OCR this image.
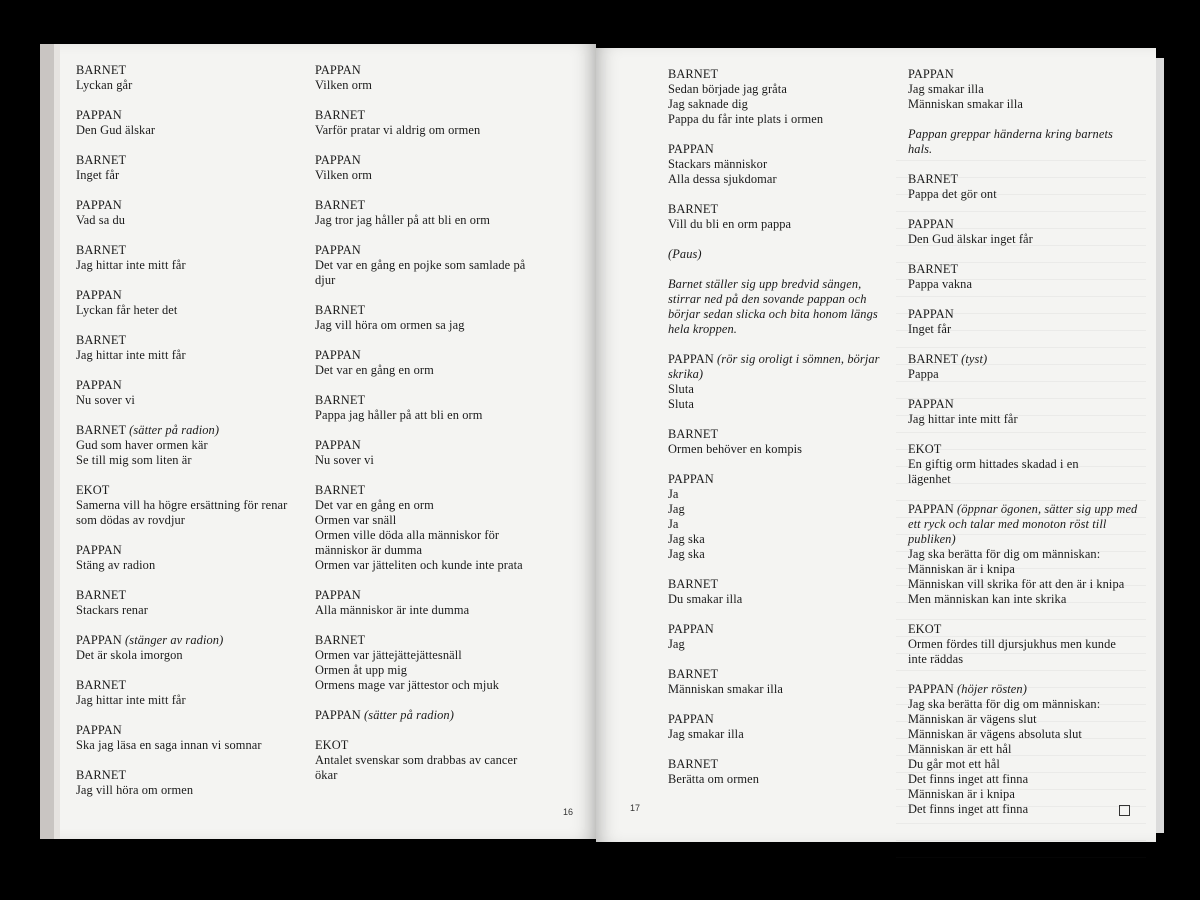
BARNET
Lyckan går
PAPPAN
Den Gud älskar
BARNET
Inget får
PAPPAN
Vad sa du
BARNET
Jag hittar inte mitt får
PAPPAN
Lyckan får heter det
BARNET
Jag hittar inte mitt får
PAPPAN
Nu sover vi
BARNET (sätter på radion)
Gud som haver ormen kär
Se till mig som liten är
EKOT
Samerna vill ha högre ersättning för renar
som dödas av rovdjur
PAPPAN
Stäng av radion
BARNET
Stackars renar
PAPPAN (stänger av radion)
Det är skola imorgon
BARNET
Jag hittar inte mitt får
PAPPAN
Ska jag läsa en saga innan vi somnar
BARNET
Jag vill höra om ormen
PAPPAN
Vilken orm
BARNET
Varför pratar vi aldrig om ormen
PAPPAN
Vilken orm
BARNET
Jag tror jag håller på att bli en orm
PAPPAN
Det var en gång en pojke som samlade på
djur
BARNET
Jag vill höra om ormen sa jag
PAPPAN
Det var en gång en orm
BARNET
Pappa jag håller på att bli en orm
PAPPAN
Nu sover vi
BARNET
Det var en gång en orm
Ormen var snäll
Ormen ville döda alla människor för
människor är dumma
Ormen var jätteliten och kunde inte prata
PAPPAN
Alla människor är inte dumma
BARNET
Ormen var jättejättejättesnäll
Ormen åt upp mig
Ormens mage var jättestor och mjuk
PAPPAN (sätter på radion)
EKOT
Antalet svenskar som drabbas av cancer
ökar
16
BARNET
Sedan började jag gråta
Jag saknade dig
Pappa du får inte plats i ormen
PAPPAN
Stackars människor
Alla dessa sjukdomar
BARNET
Vill du bli en orm pappa
(Paus)
Barnet ställer sig upp bredvid sängen, stirrar ned på den sovande pappan och börjar sedan slicka och bita honom längs hela kroppen.
PAPPAN (rör sig oroligt i sömnen, börjar skrika)
Sluta
Sluta
BARNET
Ormen behöver en kompis
PAPPAN
Ja
Jag
Ja
Jag ska
Jag ska
BARNET
Du smakar illa
PAPPAN
Jag
BARNET
Människan smakar illa
PAPPAN
Jag smakar illa
BARNET
Berätta om ormen
PAPPAN
Jag smakar illa
Människan smakar illa
Pappan greppar händerna kring barnets hals.
BARNET
Pappa det gör ont
PAPPAN
Den Gud älskar inget får
BARNET
Pappa vakna
PAPPAN
Inget får
BARNET (tyst)
Pappa
PAPPAN
Jag hittar inte mitt får
EKOT
En giftig orm hittades skadad i en
lägenhet
PAPPAN (öppnar ögonen, sätter sig upp med ett ryck och talar med monoton röst till publiken)
Jag ska berätta för dig om människan:
Människan är i knipa
Människan vill skrika för att den är i knipa
Men människan kan inte skrika
EKOT
Ormen fördes till djursjukhus men kunde
inte räddas
PAPPAN (höjer rösten)
Jag ska berätta för dig om människan:
Människan är vägens slut
Människan är vägens absoluta slut
Människan är ett hål
Du går mot ett hål
Det finns inget att finna
Människan är i knipa
Det finns inget att finna
17
